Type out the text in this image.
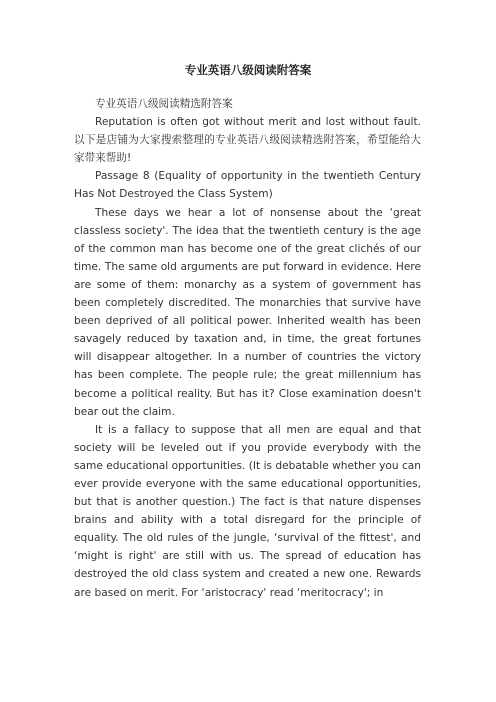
专业英语八级阅读附答案

专业英语八级阅读精选附答案

Reputation is often got without merit and lost without fault. 以下是店铺为大家搜索整理的专业英语八级阅读精选附答案，希望能给大家带来帮助!

Passage 8 (Equality of opportunity in the twentieth Century Has Not Destroyed the Class System)

These days we hear a lot of nonsense about the ‘great classless society'. The idea that the twentieth century is the age of the common man has become one of the great clichés of our time. The same old arguments are put forward in evidence. Here are some of them: monarchy as a system of government has been completely discredited. The monarchies that survive have been deprived of all political power. Inherited wealth has been savagely reduced by taxation and, in time, the great fortunes will disappear altogether. In a number of countries the victory has been complete. The people rule; the great millennium has become a political reality. But has it? Close examination doesn't bear out the claim.

It is a fallacy to suppose that all men are equal and that society will be leveled out if you provide everybody with the same educational opportunities. (It is debatable whether you can ever provide everyone with the same educational opportunities, but that is another question.) The fact is that nature dispenses brains and ability with a total disregard for the principle of equality. The old rules of the jungle, ‘survival of the fittest', and ‘might is right' are still with us. The spread of education has destroyed the old class system and created a new one. Rewards are based on merit. For ‘aristocracy' read ‘meritocracy'; in
